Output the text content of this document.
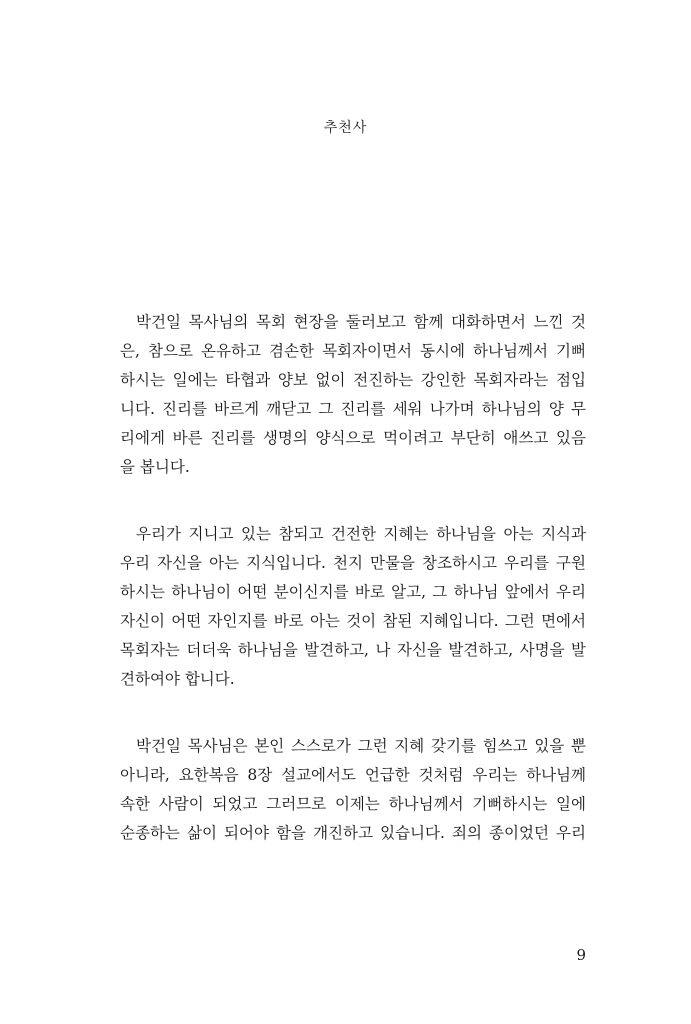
추천사
박건일 목사님의 목회 현장을 둘러보고 함께 대화하면서 느낀 것
은, 참으로 온유하고 겸손한 목회자이면서 동시에 하나님께서 기뻐
하시는 일에는 타협과 양보 없이 전진하는 강인한 목회자라는 점입
니다. 진리를 바르게 깨닫고 그 진리를 세워 나가며 하나님의 양 무
리에게 바른 진리를 생명의 양식으로 먹이려고 부단히 애쓰고 있음
을 봅니다.
우리가 지니고 있는 참되고 건전한 지혜는 하나님을 아는 지식과
우리 자신을 아는 지식입니다. 천지 만물을 창조하시고 우리를 구원
하시는 하나님이 어떤 분이신지를 바로 알고, 그 하나님 앞에서 우리
자신이 어떤 자인지를 바로 아는 것이 참된 지혜입니다. 그런 면에서
목회자는 더더욱 하나님을 발견하고, 나 자신을 발견하고, 사명을 발
견하여야 합니다.
박건일 목사님은 본인 스스로가 그런 지혜 갖기를 힘쓰고 있을 뿐
아니라, 요한복음 8장 설교에서도 언급한 것처럼 우리는 하나님께
속한 사람이 되었고 그러므로 이제는 하나님께서 기뻐하시는 일에
순종하는 삶이 되어야 함을 개진하고 있습니다. 죄의 종이었던 우리
9
